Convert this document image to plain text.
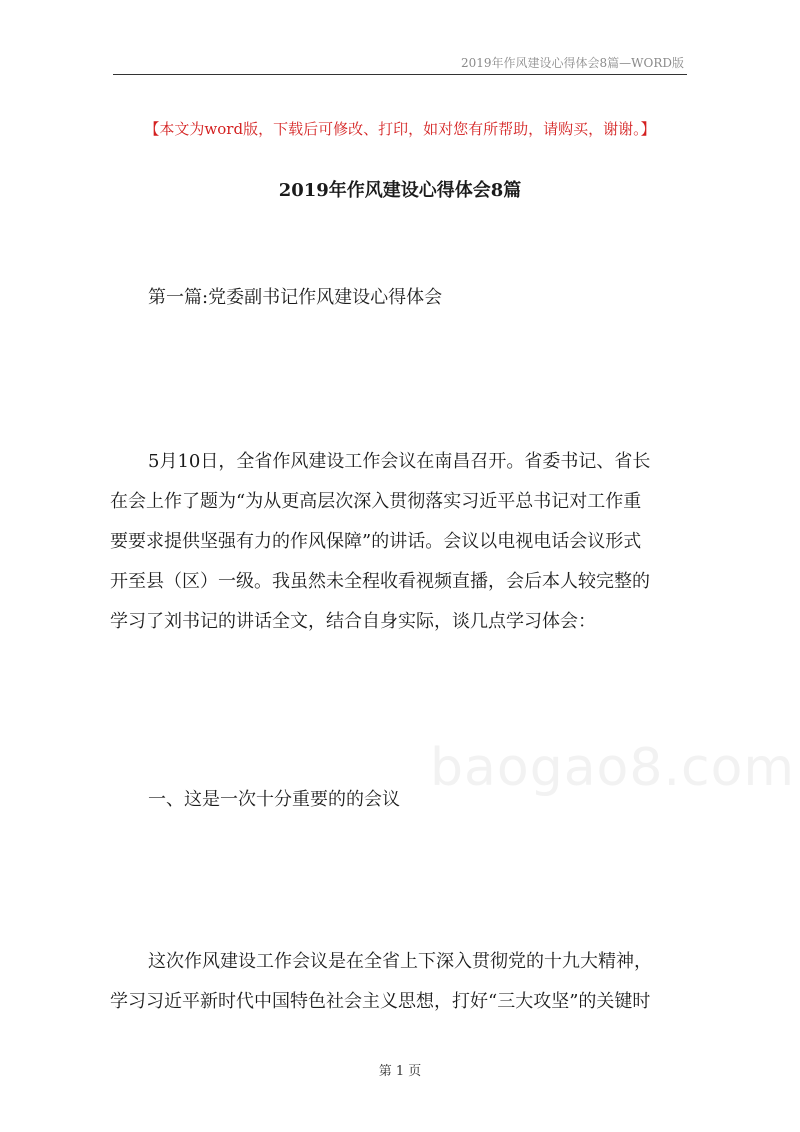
2019年作风建设心得体会8篇—WORD版
【本文为word版，下载后可修改、打印，如对您有所帮助，请购买，谢谢。】
2019年作风建设心得体会8篇

第一篇:党委副书记作风建设心得体会

5月10日，全省作风建设工作会议在南昌召开。省委书记、省长
在会上作了题为“为从更高层次深入贯彻落实习近平总书记对工作重
要要求提供坚强有力的作风保障”的讲话。会议以电视电话会议形式
开至县（区）一级。我虽然未全程收看视频直播，会后本人较完整的
学习了刘书记的讲话全文，结合自身实际，谈几点学习体会：
baogao8.com

一、这是一次十分重要的的会议

这次作风建设工作会议是在全省上下深入贯彻党的十九大精神，
学习习近平新时代中国特色社会主义思想，打好“三大攻坚”的关键时
第 1 页
